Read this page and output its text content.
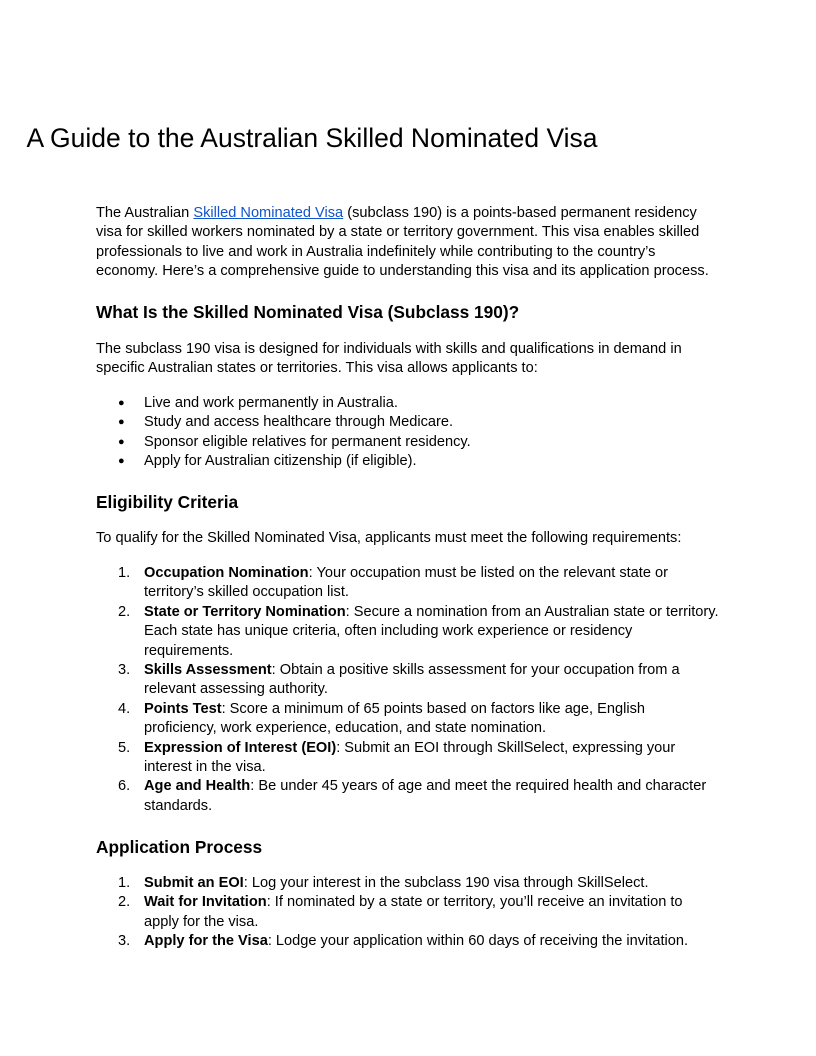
A Guide to the Australian Skilled Nominated Visa

The Australian Skilled Nominated Visa (subclass 190) is a points-based permanent residency visa for skilled workers nominated by a state or territory government. This visa enables skilled professionals to live and work in Australia indefinitely while contributing to the country’s economy. Here’s a comprehensive guide to understanding this visa and its application process.

What Is the Skilled Nominated Visa (Subclass 190)?

The subclass 190 visa is designed for individuals with skills and qualifications in demand in specific Australian states or territories. This visa allows applicants to:

● Live and work permanently in Australia.
● Study and access healthcare through Medicare.
● Sponsor eligible relatives for permanent residency.
● Apply for Australian citizenship (if eligible).
Eligibility Criteria

To qualify for the Skilled Nominated Visa, applicants must meet the following requirements:

1. Occupation Nomination: Your occupation must be listed on the relevant state or territory’s skilled occupation list.
2. State or Territory Nomination: Secure a nomination from an Australian state or territory. Each state has unique criteria, often including work experience or residency requirements.
3. Skills Assessment: Obtain a positive skills assessment for your occupation from a relevant assessing authority.
4. Points Test: Score a minimum of 65 points based on factors like age, English proficiency, work experience, education, and state nomination.
5. Expression of Interest (EOI): Submit an EOI through SkillSelect, expressing your interest in the visa.
6. Age and Health: Be under 45 years of age and meet the required health and character standards.
Application Process
1. Submit an EOI: Log your interest in the subclass 190 visa through SkillSelect.
2. Wait for Invitation: If nominated by a state or territory, you’ll receive an invitation to apply for the visa.
3. Apply for the Visa: Lodge your application within 60 days of receiving the invitation.
